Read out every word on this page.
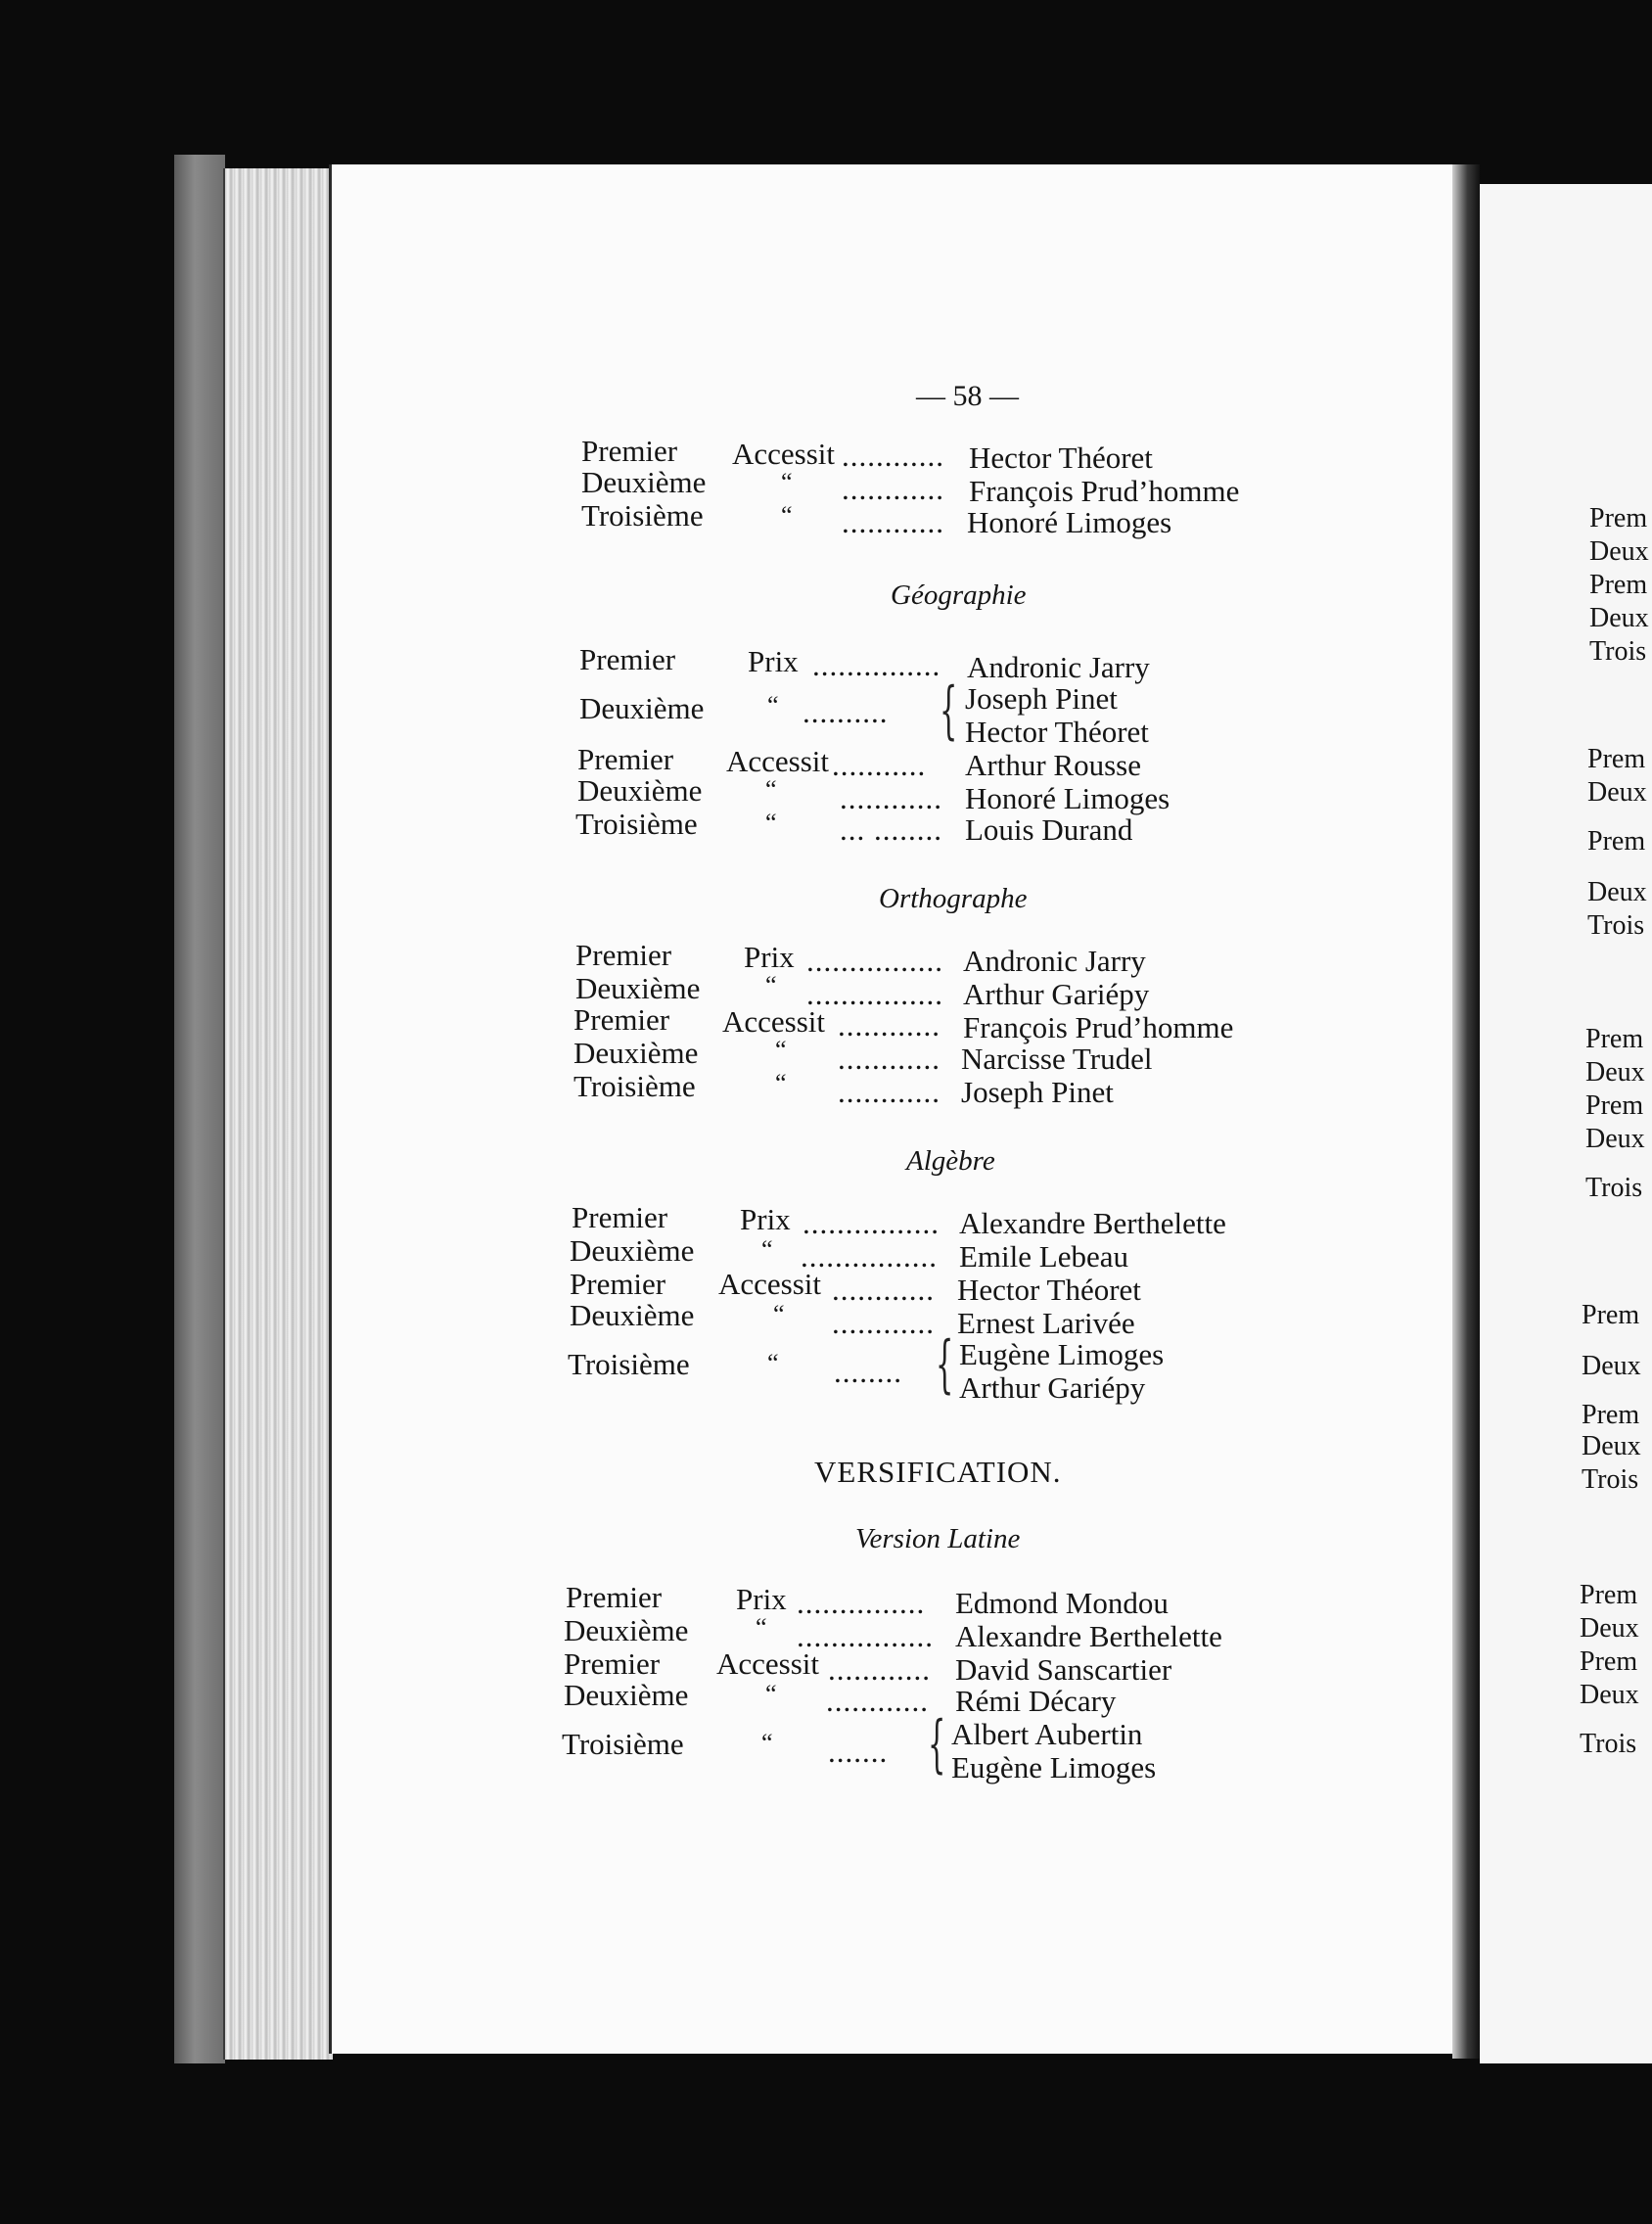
— 58 —
Premier Accessit ............ Hector Théoret
Deuxième	“ ............ François Prud’homme
Troisième	“ ............ Honoré Limoges
Géographie
Premier Prix ............... Andronic Jarry
Deuxième “ .......... { Joseph Pinet
Hector Théoret
Premier Accessit ........... Arthur Rousse
Deuxième “ ............ Honoré Limoges
Troisième	“ ... ........ Louis Durand
Orthographe
Premier Prix ................ Andronic Jarry
Deuxième	“ ................ Arthur Gariépy
Premier Accessit ............ François Prud’homme
Deuxième	“ ............ Narcisse Trudel
Troisième	“ ............ Joseph Pinet
Algèbre
Premier Prix ................ Alexandre Berthelette
Deuxième	“ ................ Emile Lebeau
Premier Accessit ............ Hector Théoret
Deuxième	“ ............ Ernest Larivée
Troisième	“ ........ { Eugène Limoges
Arthur Gariépy
VERSIFICATION.
Version Latine
Premier Prix ............... Edmond Mondou
Deuxième	“ ................ Alexandre Berthelette
Premier Accessit ............ David Sanscartier
Deuxième	“ ............ Rémi Décary
Troisième	“ ....... { Albert Aubertin
Eugène Limoges
Prem
Deux
Prem
Deux
Trois
Prem
Deux
Prem
Deux
Trois
Prem
Deux
Prem
Deux
Trois
Prem
Deux
Prem
Deux
Trois
Prem
Deux
Prem
Deux
Trois
